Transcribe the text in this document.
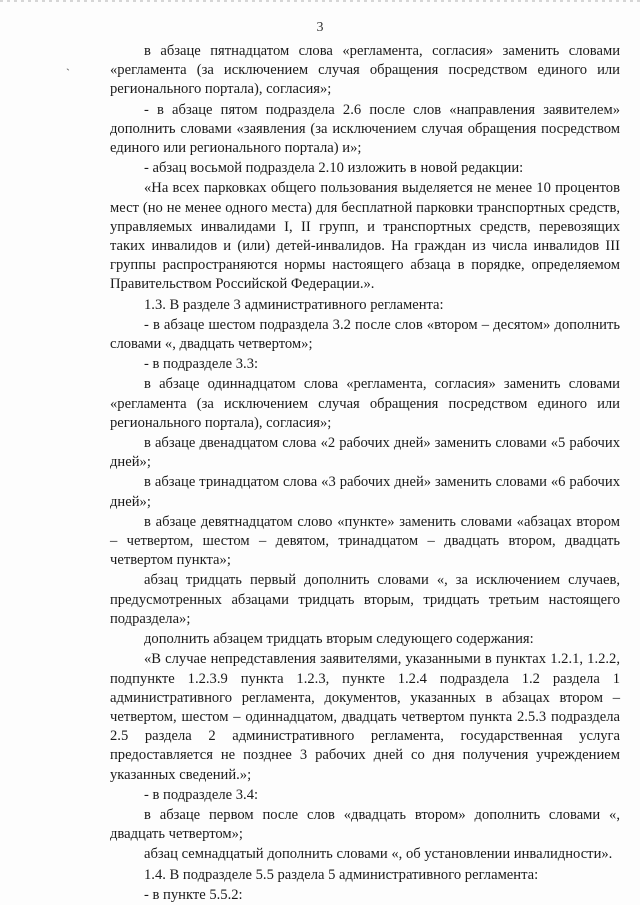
3
`

в абзаце пятнадцатом слова «регламента, согласия» заменить словами «регламента (за исключением случая обращения посредством единого или регионального портала), согласия»;

- в абзаце пятом подраздела 2.6 после слов «направления заявителем» дополнить словами «заявления (за исключением случая обращения посредством единого или регионального портала) и»;

- абзац восьмой подраздела 2.10 изложить в новой редакции:

«На всех парковках общего пользования выделяется не менее 10 процентов мест (но не менее одного места) для бесплатной парковки транспортных средств, управляемых инвалидами I, II групп, и транспортных средств, перевозящих таких инвалидов и (или) детей-инвалидов. На граждан из числа инвалидов III группы распространяются нормы настоящего абзаца в порядке, определяемом Правительством Российской Федерации.».

1.3. В разделе 3 административного регламента:

- в абзаце шестом подраздела 3.2 после слов «втором – десятом» дополнить словами «, двадцать четвертом»;

- в подразделе 3.3:

в абзаце одиннадцатом слова «регламента, согласия» заменить словами «регламента (за исключением случая обращения посредством единого или регионального портала), согласия»;

в абзаце двенадцатом слова «2 рабочих дней» заменить словами «5 рабочих дней»;

в абзаце тринадцатом слова «3 рабочих дней» заменить словами «6 рабочих дней»;

в абзаце девятнадцатом слово «пункте» заменить словами «абзацах втором – четвертом, шестом – девятом, тринадцатом – двадцать втором, двадцать четвертом пункта»;

абзац тридцать первый дополнить словами «, за исключением случаев, предусмотренных абзацами тридцать вторым, тридцать третьим настоящего подраздела»;

дополнить абзацем тридцать вторым следующего содержания:

«В случае непредставления заявителями, указанными в пунктах 1.2.1, 1.2.2, подпункте 1.2.3.9 пункта 1.2.3, пункте 1.2.4 подраздела 1.2 раздела 1 административного регламента, документов, указанных в абзацах втором – четвертом, шестом – одиннадцатом, двадцать четвертом пункта 2.5.3 подраздела 2.5 раздела 2 административного регламента, государственная услуга предоставляется не позднее 3 рабочих дней со дня получения учреждением указанных сведений.»;

- в подразделе 3.4:

в абзаце первом после слов «двадцать втором» дополнить словами «, двадцать четвертом»;

абзац семнадцатый дополнить словами «, об установлении инвалидности».

1.4. В подразделе 5.5 раздела 5 административного регламента:

- в пункте 5.5.2:
